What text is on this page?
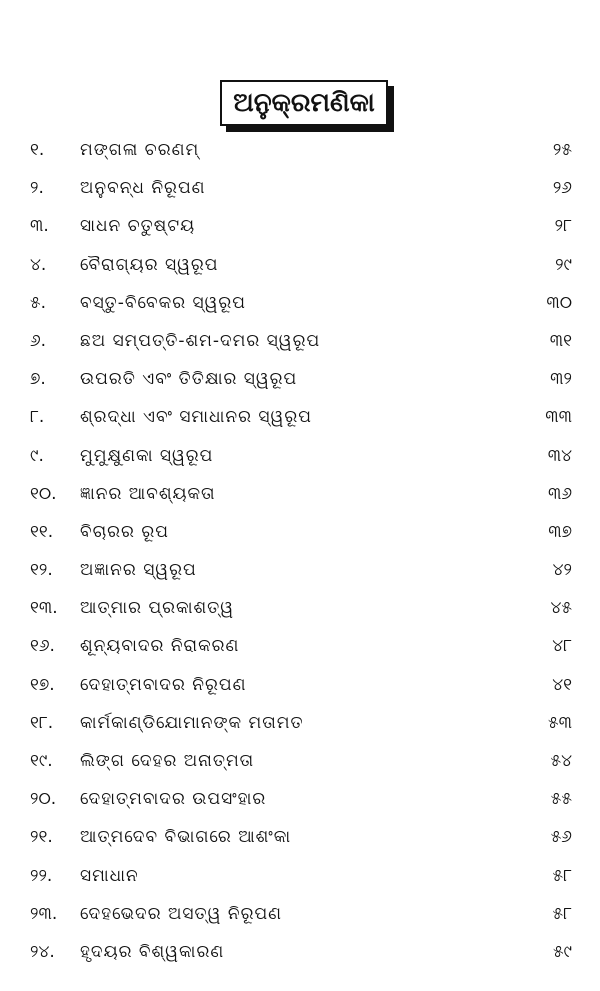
ଅନୁକ୍ରମଣିକା
୧.	ମଙ୍ଗଳା ଚରଣମ୍	୨୫
୨.	ଅନୁବନ୍ଧ ନିରୂପଣ	୨୬
୩.	ସାଧନ ଚତୁଷ୍ଟୟ	୨୮
୪.	ବୈରାଗ୍ୟର ସ୍ୱରୂପ	୨୯
୫.	ବସ୍ତୁ-ବିବେକର ସ୍ୱରୂପ	୩୦
୬.	ଛଅ ସମ୍ପତ୍ତି-ଶମ-ଦମର ସ୍ୱରୂପ	୩୧
୭.	ଉପରତି ଏବଂ ତିତିକ୍ଷାର ସ୍ୱରୂପ	୩୨
୮.	ଶ୍ରଦ୍ଧା ଏବଂ ସମାଧାନର ସ୍ୱରୂପ	୩୩
୯.	ମୁମୁକ୍ଷୁଣକା ସ୍ୱରୂପ	୩୪
୧୦.	ଜ୍ଞାନର ଆବଶ୍ୟକତା	୩୬
୧୧.	ବିଚାରର ରୂପ	୩୭
୧୨.	ଅଜ୍ଞାନର ସ୍ୱରୂପ	୪୨
୧୩.	ଆତ୍ମାର ପ୍ରକାଶତ୍ୱ	୪୫
୧୬.	ଶୂନ୍ୟବାଦର ନିରାକରଣ	୪୮
୧୭.	ଦେହାତ୍ମବାଦର ନିରୂପଣ	୪୧
୧୮.	କାର୍ମକାଣ୍ଡିଯୋମାନଙ୍କ ମତାମତ	୫୩
୧୯.	ଲିଙ୍ଗ ଦେହର ଅନାତ୍ମତା	୫୪
୨୦.	ଦେହାତ୍ମବାଦର ଉପସଂହାର	୫୫
୨୧.	ଆତ୍ମଦେବ ବିଭାଗରେ ଆଶଂକା	୫୬
୨୨.	ସମାଧାନ	୫୮
୨୩.	ଦେହଭେଦର ଅସତ୍ୱ ନିରୂପଣ	୫୮
୨୪.	ହୃଦୟର ବିଶ୍ୱକାରଣ	୫୯
